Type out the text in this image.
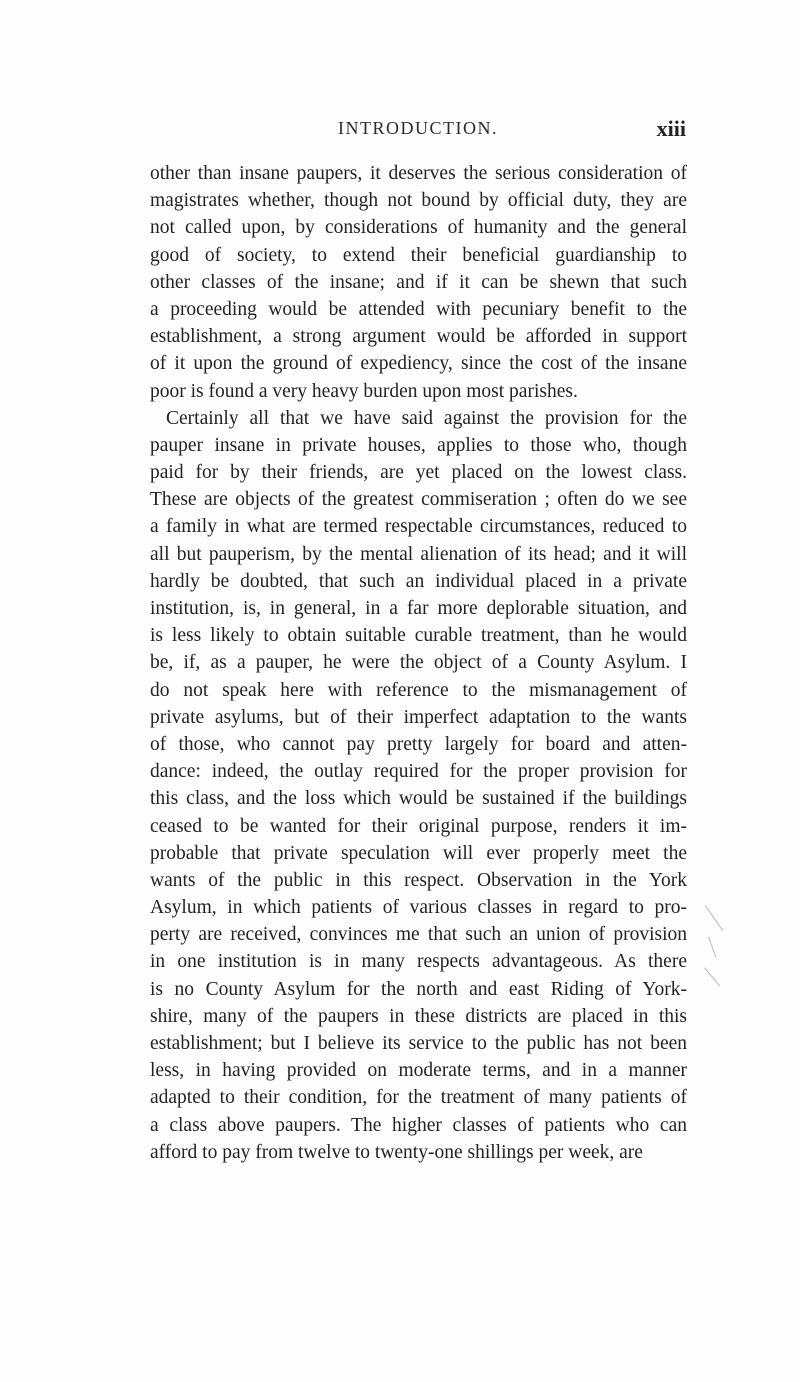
INTRODUCTION.	xiii
other than insane paupers, it deserves the serious consideration of
magistrates whether, though not bound by official duty, they are
not called upon, by considerations of humanity and the general
good of society, to extend their beneficial guardianship to
other classes of the insane; and if it can be shewn that such
a proceeding would be attended with pecuniary benefit to the
establishment, a strong argument would be afforded in support
of it upon the ground of expediency, since the cost of the insane
poor is found a very heavy burden upon most parishes.
Certainly all that we have said against the provision for the
pauper insane in private houses, applies to those who, though
paid for by their friends, are yet placed on the lowest class.
These are objects of the greatest commiseration ; often do we see
a family in what are termed respectable circumstances, reduced to
all but pauperism, by the mental alienation of its head; and it will
hardly be doubted, that such an individual placed in a private
institution, is, in general, in a far more deplorable situation, and
is less likely to obtain suitable curable treatment, than he would
be, if, as a pauper, he were the object of a County Asylum. I
do not speak here with reference to the mismanagement of
private asylums, but of their imperfect adaptation to the wants
of those, who cannot pay pretty largely for board and atten-
dance: indeed, the outlay required for the proper provision for
this class, and the loss which would be sustained if the buildings
ceased to be wanted for their original purpose, renders it im-
probable that private speculation will ever properly meet the
wants of the public in this respect. Observation in the York
Asylum, in which patients of various classes in regard to pro-
perty are received, convinces me that such an union of provision
in one institution is in many respects advantageous. As there
is no County Asylum for the north and east Riding of York-
shire, many of the paupers in these districts are placed in this
establishment; but I believe its service to the public has not been
less, in having provided on moderate terms, and in a manner
adapted to their condition, for the treatment of many patients of
a class above paupers. The higher classes of patients who can
afford to pay from twelve to twenty-one shillings per week, are
